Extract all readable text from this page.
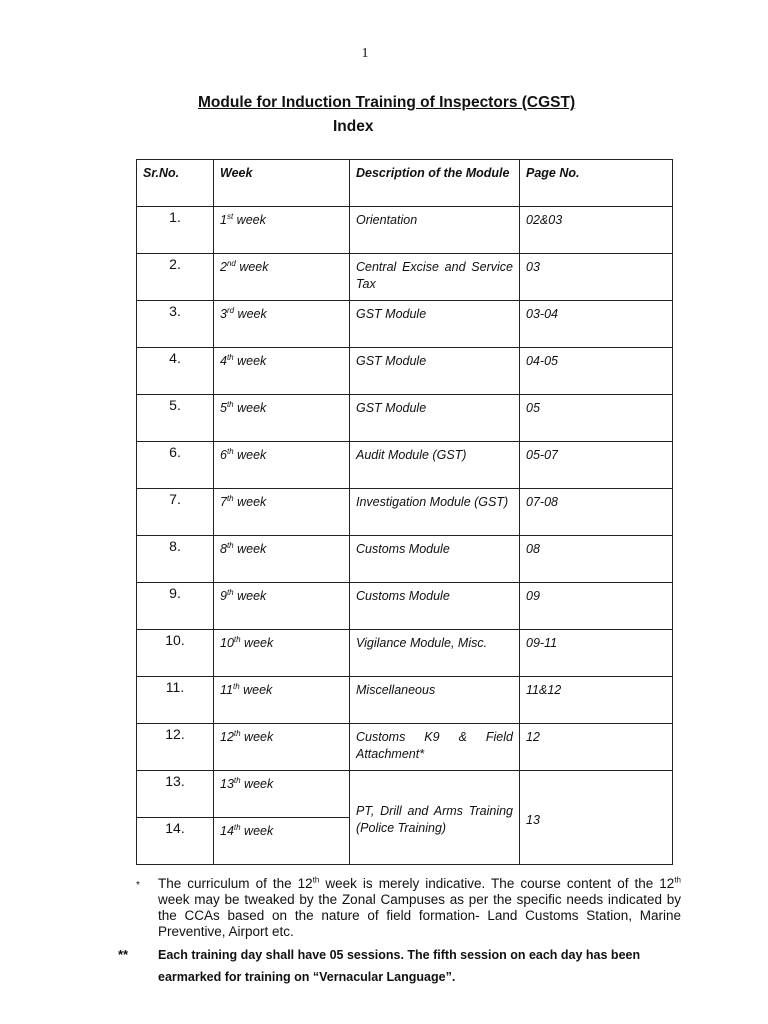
1
Module for Induction Training of Inspectors (CGST)
Index
Sr.No.	Week	Description of the Module	Page No.
1.	1st week	Orientation	02&03
2.	2nd week	Central Excise and Service Tax	03
3.	3rd week	GST Module	03-04
4.	4th week	GST Module	04-05
5.	5th week	GST Module	05
6.	6th week	Audit Module (GST)	05-07
7.	7th week	Investigation Module (GST)	07-08
8.	8th week	Customs Module	08
9.	9th week	Customs Module	09
10.	10th week	Vigilance Module, Misc.	09-11
11.	11th week	Miscellaneous	11&12
12.	12th week	Customs K9 & Field Attachment*	12
13.	13th week	PT, Drill and Arms Training (Police Training)	13
14.	14th week		
*	The curriculum of the 12th week is merely indicative. The course content of the 12th week may be tweaked by the Zonal Campuses as per the specific needs indicated by the CCAs based on the nature of field formation- Land Customs Station, Marine Preventive, Airport etc.
**	Each training day shall have 05 sessions. The fifth session on each day has been earmarked for training on “Vernacular Language”.
